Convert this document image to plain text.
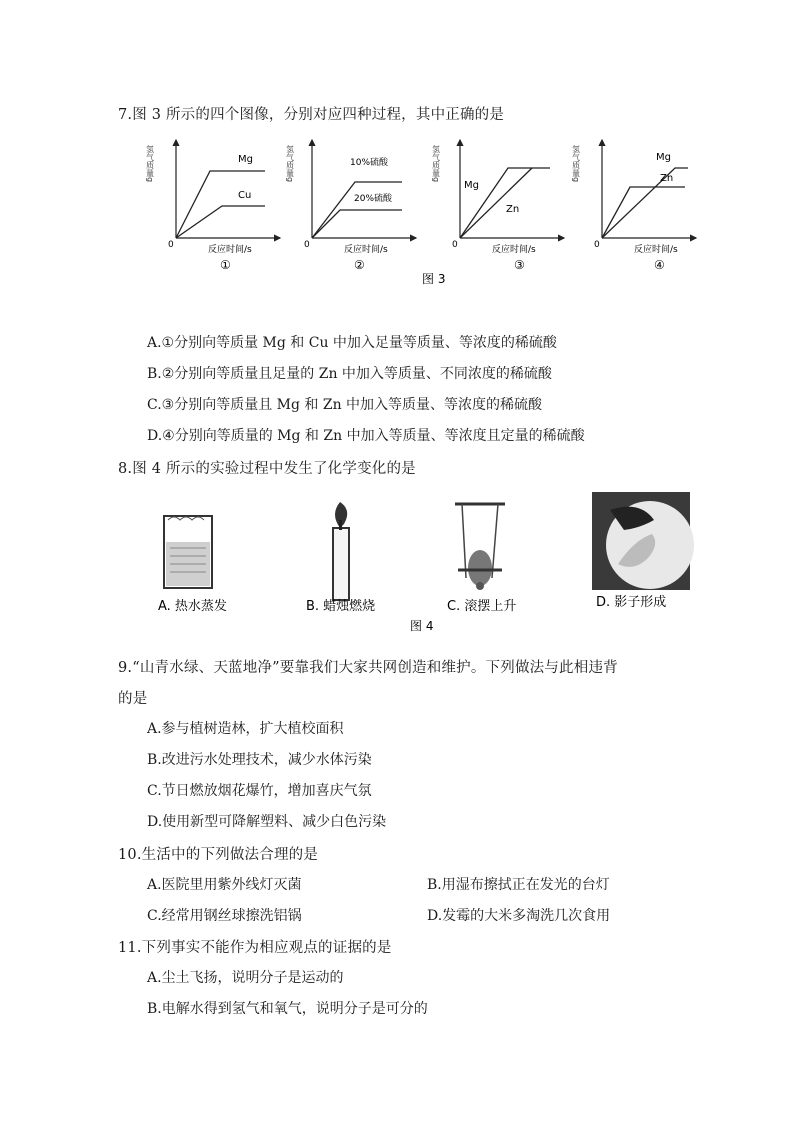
7.图 3 所示的四个图像，分别对应四种过程，其中正确的是
氢气质量g	Mg
Cu
0	反应时间/s
①
氢气质量g	10%硫酸
20%硫酸
0	反应时间/s
②
氢气质量g
Mg
Zn
0	反应时间/s
③
氢气质量g	Mg
Zn
0	反应时间/s
④
图 3
A.①分别向等质量 Mg 和 Cu 中加入足量等质量、等浓度的稀硫酸
B.②分别向等质量且足量的 Zn 中加入等质量、不同浓度的稀硫酸
C.③分别向等质量且 Mg 和 Zn 中加入等质量、等浓度的稀硫酸
D.④分别向等质量的 Mg 和 Zn 中加入等质量、等浓度且定量的稀硫酸
8.图 4 所示的实验过程中发生了化学变化的是
A. 热水蒸发	B. 蜡烛燃烧	C. 滚摆上升	D. 影子形成
图 4
9.“山青水绿、天蓝地净”要靠我们大家共网创造和维护。下列做法与此相违背
的是
A.参与植树造林，扩大植校面积
B.改进污水处理技术，减少水体污染
C.节日燃放烟花爆竹，增加喜庆气氛
D.使用新型可降解塑料、减少白色污染
10.生活中的下列做法合理的是
A.医院里用紫外线灯灭菌	B.用湿布擦拭正在发光的台灯
C.经常用钢丝球擦洗铝锅	D.发霉的大米多淘洗几次食用
11.下列事实不能作为相应观点的证据的是
A.尘土飞扬，说明分子是运动的
B.电解水得到氢气和氧气，说明分子是可分的
